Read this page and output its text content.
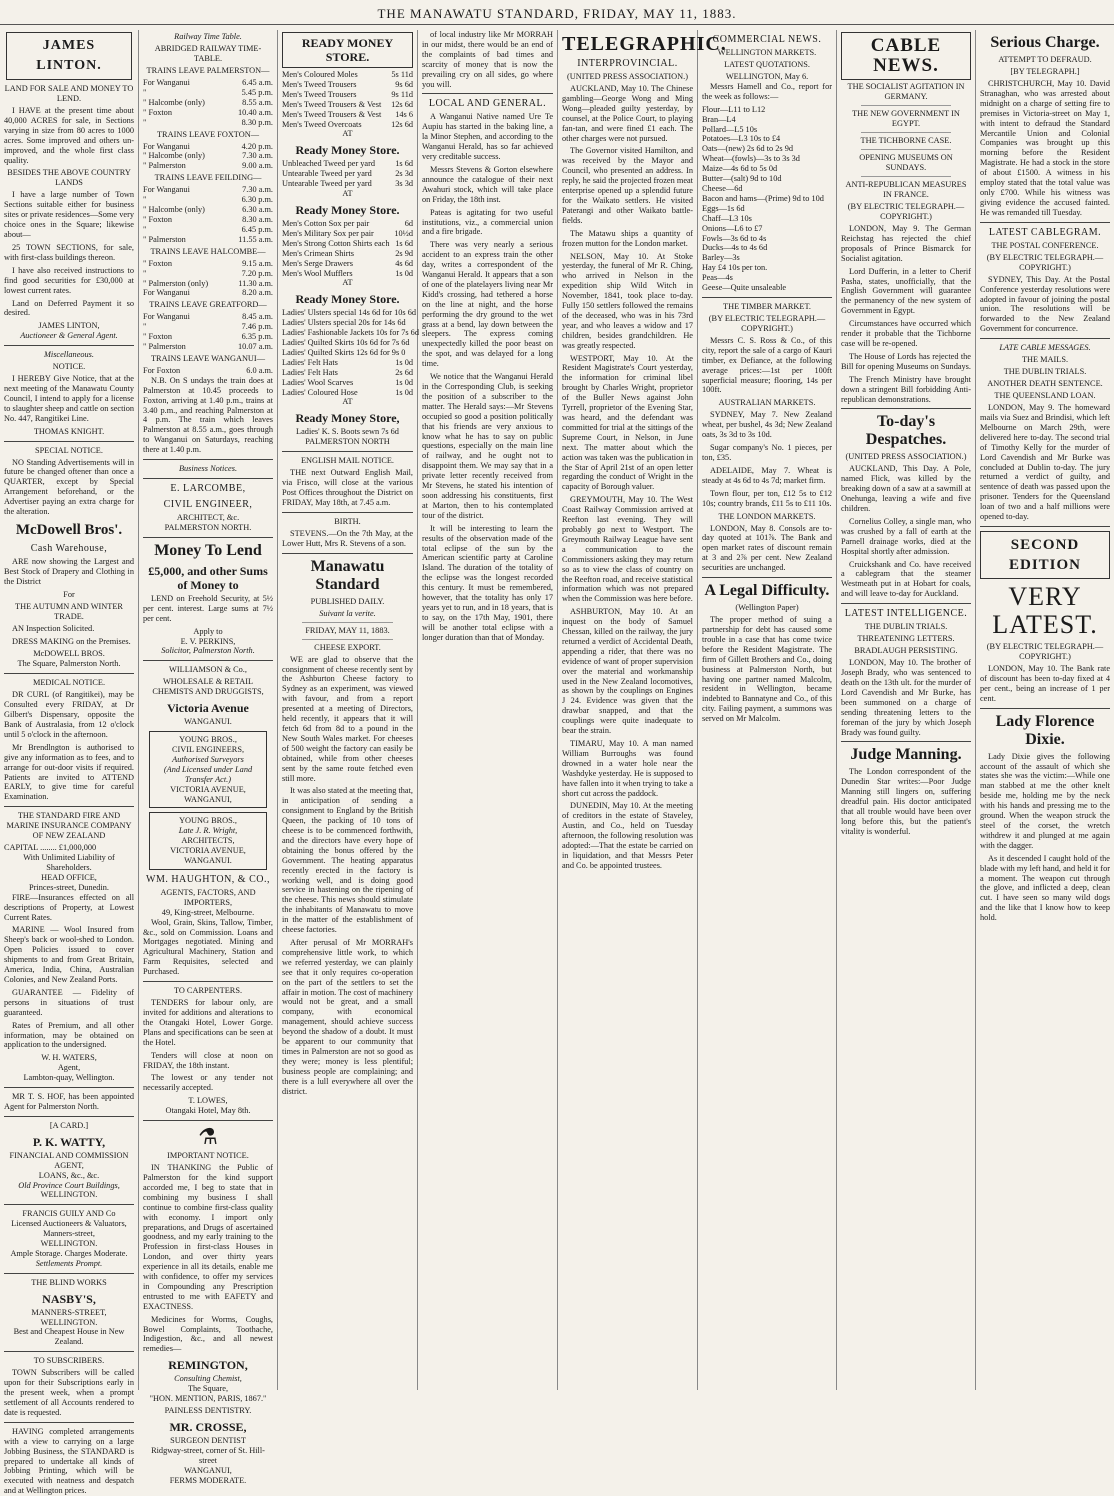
THE MANAWATU STANDARD, FRIDAY, MAY 11, 1883.
JAMES LINTON.
LAND FOR SALE AND MONEY TO LEND.

I HAVE at the present time about 40,000 ACRES for sale, in Sections varying in size from 80 acres to 1000 acres. Some improved and others un-improved, and the whole first class quality.

BESIDES THE ABOVE COUNTRY LANDS

I have a large number of Town Sections suitable either for business sites or private residences—Some very choice ones in the Square; likewise about—

25 TOWN SECTIONS, for sale, with first-class buildings thereon.

I have also received instructions to find good securities for £30,000 at lowest current rates.

Land on Deferred Payment it so desired.

JAMES LINTON,
Auctioneer & General Agent.
Miscellaneous.
NOTICE.

I HEREBY Give Notice, that at the next meeting of the Manawatu County Council, I intend to apply for a license to slaughter sheep and cattle on section No. 447, Rangitikei Line.

THOMAS KNIGHT.
SPECIAL NOTICE.

NO Standing Advertisements will in future be changed oftener than once a QUARTER, except by Special Arrangement beforehand, or the Advertiser paying an extra charge for the alteration.

McDowell Bros'.
Cash Warehouse,

ARE now showing the Largest and Best Stock of Drapery and Clothing in the District

For
THE AUTUMN AND WINTER TRADE.

AN Inspection Solicited.

DRESS MAKING on the Premises.

McDOWELL BROS.
The Square, Palmerston North.
MEDICAL NOTICE.

DR CURL (of Rangitikei), may be Consulted every FRIDAY, at Dr Gilbert's Dispensary, opposite the Bank of Australasia, from 12 o'clock until 5 o'clock in the afternoon.

Mr Brendlngton is authorised to give any information as to fees, and to arrange for out-door visits if required. Patients are invited to ATTEND EARLY, to give time for careful Examination.

THE STANDARD FIRE AND MARINE INSURANCE COMPANY OF NEW ZEALAND
CAPITAL ........ £1,000,000
With Unlimited Liability of Shareholders.
HEAD OFFICE,
Princes-street, Dunedin.

FIRE—Insurances effected on all descriptions of Property, at Lowest Current Rates.

MARINE — Wool Insured from Sheep's back or wool-shed to London. Open Policies issued to cover shipments to and from Great Britain, America, India, China, Australian Colonies, and New Zealand Ports.

GUARANTEE — Fidelity of persons in situations of trust guaranteed.

Rates of Premium, and all other information, may be obtained on application to the undersigned.

W. H. WATERS,
Agent,
Lambton-quay, Wellington.

MR T. S. HOF, has been appointed Agent for Palmerston North.

[A CARD.]
P. K. WATTY,
FINANCIAL AND COMMISSION AGENT,
LOANS, &c., &c.
Old Province Court Buildings,
WELLINGTON.
FRANCIS GUILY AND Co
Licensed Auctioneers & Valuators, Manners-street,
WELLINGTON.
Ample Storage. Charges Moderate.
Settlements Prompt.
THE BLIND WORKS
NASBY'S,
MANNERS-STREET, WELLINGTON.
Best and Cheapest House in New Zealand.
TO SUBSCRIBERS.

TOWN Subscribers will be called upon for their Subscriptions early in the present week, when a prompt settlement of all Accounts rendered to date is requested.

HAVING completed arrangements with a view to carrying on a large Jobbing Business, the STANDARD is prepared to undertake all kinds of Jobbing Printing, which will be executed with neatness and despatch and at Wellington prices.

Railway Time Table.
ABRIDGED RAILWAY TIME-TABLE.
TRAINS LEAVE PALMERSTON—
For Wanganui	6.45 a.m.
"	5.45 p.m.
" Halcombe (only)	8.55 a.m.
" Foxton	10.40 a.m.
"	8.30 p.m.
TRAINS LEAVE FOXTON—
For Wanganui	4.20 p.m.
" Halcombe (only)	7.30 a.m.
" Palmerston	9.00 a.m.
TRAINS LEAVE FEILDING—
For Wanganui	7.30 a.m.
"	6.30 p.m.
" Halcombe (only)	6.30 a.m.
" Foxton	8.30 a.m.
"	6.45 p.m.
" Palmerston	11.55 a.m.
TRAINS LEAVE HALCOMBE—
" Foxton	9.15 a.m.
"	7.20 p.m.
" Palmerston (only)	11.30 a.m.
For Wanganui	8.20 a.m.
TRAINS LEAVE GREATFORD—
For Wanganui	8.45 a.m.
"	7.46 p.m.
" Foxton	6.35 p.m.
" Palmerston	10.07 a.m.
TRAINS LEAVE WANGANUI—
For Foxton	6.0 a.m.

N.B. On S undays the train does at Palmerston at 10.45 proceeds to Foxton, arriving at 1.40 p.m., trains at 3.40 p.m., and reaching Palmerston at 4 p.m. The train which leaves Palmerston at 8.55 a.m., goes through to Wanganui on Saturdays, reaching there at 1.40 p.m.

Business Notices.
E. LARCOMBE,
CIVIL ENGINEER,
ARCHITECT, &c.
PALMERSTON NORTH.
Money To Lend
£5,000, and other Sums of Money to

LEND on Freehold Security, at 5½ per cent. interest. Large sums at 7½ per cent.

Apply to
E. V. PERKINS,
Solicitor, Palmerston North.
WILLIAMSON & Co.,
WHOLESALE & RETAIL
CHEMISTS AND DRUGGISTS,
Victoria Avenue
WANGANUI.
YOUNG BROS.,
CIVIL ENGINEERS,
Authorised Surveyors
(And Licensed under Land Transfer Act.)
VICTORIA AVENUE,
WANGANUI,
YOUNG BROS.,
Late J. R. Wright,
ARCHITECTS,
VICTORIA AVENUE, WANGANUI.
WM. HAUGHTON, & CO.,
AGENTS, FACTORS, AND IMPORTERS,
49, King-street, Melbourne.

Wool, Grain, Skins, Tallow, Timber, &c., sold on Commission. Loans and Mortgages negotiated. Mining and Agricultural Machinery, Station and Farm Requisites, selected and Purchased.

TO CARPENTERS.

TENDERS for labour only, are invited for additions and alterations to the Otangaki Hotel, Lower Gorge. Plans and specifications can be seen at the Hotel.

Tenders will close at noon on FRIDAY, the 18th instant.

The lowest or any tender not necessarily accepted.

T. LOWES,
Otangaki Hotel, May 8th.
⚗
IMPORTANT NOTICE.

IN THANKING the Public of Palmerston for the kind support accorded me, I beg to state that in combining my business I shall continue to combine first-class quality with economy. I import only preparations, and Drugs of ascertained goodness, and my early training to the Profession in first-class Houses in London, and over thirty years experience in all its details, enable me with confidence, to offer my services in Compounding any Prescription entrusted to me with EAFETY and EXACTNESS.

Medicines for Worms, Coughs, Bowel Complaints, Toothache, Indigestion, &c., and all newest remedies—

REMINGTON,
Consulting Chemist,
The Square,
"HON. MENTION, PARIS, 1867."
PAINLESS DENTISTRY.
MR. CROSSE,
SURGEON DENTIST
Ridgway-street, corner of St. Hill-street
WANGANUI,
FERMS MODERATE.
READY MONEY STORE.
Men's Coloured Moles	5s 11d
Men's Tweed Trousers	9s 6d
Men's Tweed Trousers	9s 11d
Men's Tweed Trousers & Vest 12s 6d
Men's Tweed Trousers & Vest 14s 6
Men's Tweed Overcoats	12s 6d
AT
Ready Money Store.
Unbleached Tweed per yard 1s 6d
Untearable Tweed per yard	2s 3d
Untearable Tweed per yard	3s 3d
AT
Ready Money Store.
Men's Cotton Sox per pair	6d
Men's Military Sox per pair 10½d
Men's Strong Cotton Shirts each 1s 6d
Men's Crimean Shirts	2s 9d
Men's Serge Drawers	4s 6d
Men's Wool Mufflers	1s 0d
AT
Ready Money Store.
Ladies' Ulsters special 14s 6d for 10s 6d
Ladies' Ulsters special 20s for 14s 6d
Ladies' Fashionable Jackets 10s for 7s 6d
Ladies' Quilted Skirts 10s 6d for 7s 6d
Ladies' Quilted Skirts 12s 6d for 9s 0
Ladies' Felt Hats	1s 0d
Ladies' Felt Hats	2s 6d
Ladies' Wool Scarves	1s 0d
Ladies' Coloured Hose	1s 0d
AT
Ready Money Store,
Ladies' K. S. Boots sewn 7s 6d
PALMERSTON NORTH
ENGLISH MAIL NOTICE.

THE next Outward English Mail, via Frisco, will close at the various Post Offices throughout the District on FRIDAY, May 18th, at 7.45 a.m.

BIRTH.

STEVENS.—On the 7th May, at the Lower Hutt, Mrs R. Stevens of a son.

Manawatu Standard
PUBLISHED DAILY.
Suivant la verite.
FRIDAY, MAY 11, 1883.
CHEESE EXPORT.

WE are glad to observe that the consignment of cheese recently sent by the Ashburton Cheese factory to Sydney as an experiment, was viewed with favour, and from a report presented at a meeting of Directors, held recently, it appears that it will fetch 6d from 8d to a pound in the New South Wales market. For cheeses of 500 weight the factory can easily be obtained, while from other cheeses sent by the same route fetched even still more.

It was also stated at the meeting that, in anticipation of sending a consignment to England by the British Queen, the packing of 10 tons of cheese is to be commenced forthwith, and the directors have every hope of obtaining the bonus offered by the Government. The heating apparatus recently erected in the factory is working well, and is doing good service in hastening on the ripening of the cheese. This news should stimulate the inhabitants of Manawatu to move in the matter of the establishment of cheese factories.

After perusal of Mr MORRAH's comprehensive little work, to which we referred yesterday, we can plainly see that it only requires co-operation on the part of the settlers to set the affair in motion. The cost of machinery would not be great, and a small company, with economical management, should achieve success beyond the shadow of a doubt. It must be apparent to our community that times in Palmerston are not so good as they were; money is less plentiful; business people are complaining; and there is a lull everywhere all over the district.

of local industry like Mr MORRAH in our midst, there would be an end of the complaints of bad times and scarcity of money that is now the prevailing cry on all sides, go where you will.

LOCAL AND GENERAL.

A Wanganui Native named Ure Te Aupiu has started in the baking line, a la Minor Stephen, and according to the Wanganui Herald, has so far achieved very creditable success.

Messrs Stevens & Gorton elsewhere announce the catalogue of their next Awahuri stock, which will take place on Friday, the 18th inst.

Pateas is agitating for two useful institutions, viz., a commercial union and a fire brigade.

There was very nearly a serious accident to an express train the other day, writes a correspondent of the Wanganui Herald. It appears that a son of one of the platelayers living near Mr Kidd's crossing, had tethered a horse on the line at night, and the horse performing the dry ground to the wet grass at a bend, lay down between the sleepers. The express coming unexpectedly killed the poor beast on the spot, and was delayed for a long time.

We notice that the Wanganui Herald in the Corresponding Club, is seeking the position of a subscriber to the matter. The Herald says:—Mr Stevens occupied so good a position politically that his friends are very anxious to know what he has to say on public questions, especially on the main line of railway, and he ought not to disappoint them. We may say that in a private letter recently received from Mr Stevens, he stated his intention of soon addressing his constituents, first at Marton, then to his contemplated tour of the district.

It will be interesting to learn the results of the observation made of the total eclipse of the sun by the American scientific party at Caroline Island. The duration of the totality of the eclipse was the longest recorded this century. It must be remembered, however, that the totality has only 17 years yet to run, and in 18 years, that is to say, on the 17th May, 1901, there will be another total eclipse with a longer duration than that of Monday.

TELEGRAPHIC.
INTERPROVINCIAL.
(UNITED PRESS ASSOCIATION.)

AUCKLAND, May 10. The Chinese gambling—George Wong and Ming Wong—pleaded guilty yesterday, by counsel, at the Police Court, to playing fan-tan, and were fined £1 each. The other charges were not pursued.

The Governor visited Hamilton, and was received by the Mayor and Council, who presented an address. In reply, he said the projected frozen meat enterprise opened up a splendid future for the Waikato settlers. He visited Paterangi and other Waikato battle-fields.

The Matawu ships a quantity of frozen mutton for the London market.

NELSON, May 10. At Stoke yesterday, the funeral of Mr R. Ching, who arrived in Nelson in the expedition ship Wild Witch in November, 1841, took place to-day. Fully 150 settlers followed the remains of the deceased, who was in his 73rd year, and who leaves a widow and 17 children, besides grandchildren. He was greatly respected.

WESTPORT, May 10. At the Resident Magistrate's Court yesterday, the information for criminal libel brought by Charles Wright, proprietor of the Buller News against John Tyrrell, proprietor of the Evening Star, was heard, and the defendant was committed for trial at the sittings of the Supreme Court, in Nelson, in June next. The matter about which the action was taken was the publication in the Star of April 21st of an open letter regarding the conduct of Wright in the capacity of Borough valuer.

GREYMOUTH, May 10. The West Coast Railway Commission arrived at Reefton last evening. They will probably go next to Westport. The Greymouth Railway League have sent a communication to the Commissioners asking they may return so as to view the class of country on the Reefton road, and receive statistical information which was not prepared when the Commission was here before.

ASHBURTON, May 10. At an inquest on the body of Samuel Chessan, killed on the railway, the jury returned a verdict of Accidental Death, appending a rider, that there was no evidence of want of proper supervision over the material and workmanship used in the New Zealand locomotives, as shown by the couplings on Engines J 24. Evidence was given that the drawbar snapped, and that the couplings were quite inadequate to bear the strain.

TIMARU, May 10. A man named William Burroughs was found drowned in a water hole near the Washdyke yesterday. He is supposed to have fallen into it when trying to take a short cut across the paddock.

DUNEDIN, May 10. At the meeting of creditors in the estate of Staveley, Austin, and Co., held on Tuesday afternoon, the following resolution was adopted:—That the estate be carried on in liquidation, and that Messrs Peter and Co. be appointed trustees.

COMMERCIAL NEWS.
WELLINGTON MARKETS.
LATEST QUOTATIONS.
WELLINGTON, May 6.

Messrs Hamell and Co., report for the week as follows:—

Flour—L11 to L12
Bran—L4
Pollard—L5 10s
Potatoes—L3 10s to £4
Oats—(new) 2s 6d to 2s 9d
Wheat—(fowls)—3s to 3s 3d
Maize—4s 6d to 5s 0d
Butter—(salt) 9d to 10d
Cheese—6d
Bacon and hams—(Prime) 9d to 10d
Eggs—1s 6d
Chaff—L3 10s
Onions—L6 to £7
Fowls—3s 6d to 4s
Ducks—4s to 4s 6d
Barley—3s
Hay £4 10s per ton.
Peas—4s
Geese—Quite unsaleable
THE TIMBER MARKET.
(BY ELECTRIC TELEGRAPH.—COPYRIGHT.)

Messrs C. S. Ross & Co., of this city, report the sale of a cargo of Kauri timber, ex Defiance, at the following average prices:—1st per 100ft superficial measure; flooring, 14s per 100ft.

AUSTRALIAN MARKETS.

SYDNEY, May 7. New Zealand wheat, per bushel, 4s 3d; New Zealand oats, 3s 3d to 3s 10d.

Sugar company's No. 1 pieces, per ton, £35.

ADELAIDE, May 7. Wheat is steady at 4s 6d to 4s 7d; market firm.

Town flour, per ton, £12 5s to £12 10s; country brands, £11 5s to £11 10s.

THE LONDON MARKETS.

LONDON, May 8. Consols are to-day quoted at 101⅞. The Bank and open market rates of discount remain at 3 and 2⅞ per cent. New Zealand securities are unchanged.

A Legal Difficulty.
(Wellington Paper)

The proper method of suing a partnership for debt has caused some trouble in a case that has come twice before the Resident Magistrate. The firm of Gillett Brothers and Co., doing business at Palmerston North, but having one partner named Malcolm, resident in Wellington, became indebted to Bannatyne and Co., of this city. Failing payment, a summons was served on Mr Malcolm.

CABLE NEWS.
THE SOCIALIST AGITATION IN GERMANY.
THE NEW GOVERNMENT IN EGYPT.
THE TICHBORNE CASE.
OPENING MUSEUMS ON SUNDAYS.
ANTI-REPUBLICAN MEASURES IN FRANCE.
(BY ELECTRIC TELEGRAPH.—COPYRIGHT.)

LONDON, May 9. The German Reichstag has rejected the chief proposals of Prince Bismarck for Socialist agitation.

Lord Dufferin, in a letter to Cherif Pasha, states, unofficially, that the English Government will guarantee the permanency of the new system of Government in Egypt.

Circumstances have occurred which render it probable that the Tichborne case will be re-opened.

The House of Lords has rejected the Bill for opening Museums on Sundays.

The French Ministry have brought down a stringent Bill forbidding Anti-republican demonstrations.

To-day's Despatches.
(UNITED PRESS ASSOCIATION.)

AUCKLAND, This Day. A Pole, named Flick, was killed by the breaking down of a saw at a sawmill at Onehunga, leaving a wife and five children.

Cornelius Colley, a single man, who was crushed by a fall of earth at the Parnell drainage works, died at the Hospital shortly after admission.

Cruickshank and Co. have received a cablegram that the steamer Westmeath put in at Hobart for coals, and will leave to-day for Auckland.

LATEST INTELLIGENCE.
THE DUBLIN TRIALS.
THREATENING LETTERS.
BRADLAUGH PERSISTING.

LONDON, May 10. The brother of Joseph Brady, who was sentenced to death on the 13th ult. for the murder of Lord Cavendish and Mr Burke, has been summoned on a charge of sending threatening letters to the foreman of the jury by which Joseph Brady was found guilty.

Judge Manning.

The London correspondent of the Dunedin Star writes:—Poor Judge Manning still lingers on, suffering dreadful pain. His doctor anticipated that all trouble would have been over long before this, but the patient's vitality is wonderful.

Serious Charge.
ATTEMPT TO DEFRAUD.
[BY TELEGRAPH.]

CHRISTCHURCH, May 10. David Stranaghan, who was arrested about midnight on a charge of setting fire to premises in Victoria-street on May 1, with intent to defraud the Standard Mercantile Union and Colonial Companies was brought up this morning before the Resident Magistrate. He had a stock in the store of about £1500. A witness in his employ stated that the total value was only £700. While his witness was giving evidence the accused fainted. He was remanded till Tuesday.

LATEST CABLEGRAM.
THE POSTAL CONFERENCE.
(BY ELECTRIC TELEGRAPH.—COPYRIGHT.)

SYDNEY, This Day. At the Postal Conference yesterday resolutions were adopted in favour of joining the postal union. The resolutions will be forwarded to the New Zealand Government for concurrence.

LATE CABLE MESSAGES.
THE MAILS.
THE DUBLIN TRIALS.
ANOTHER DEATH SENTENCE.
THE QUEENSLAND LOAN.

LONDON, May 9. The homeward mails via Suez and Brindisi, which left Melbourne on March 29th, were delivered here to-day. The second trial of Timothy Kelly for the murder of Lord Cavendish and Mr Burke was concluded at Dublin to-day. The jury returned a verdict of guilty, and sentence of death was passed upon the prisoner. Tenders for the Queensland loan of two and a half millions were opened to-day.

SECOND EDITION
VERY LATEST.
(BY ELECTRIC TELEGRAPH.—COPYRIGHT.)

LONDON, May 10. The Bank rate of discount has been to-day fixed at 4 per cent., being an increase of 1 per cent.

Lady Florence Dixie.

Lady Dixie gives the following account of the assault of which she states she was the victim:—While one man stabbed at me the other knelt beside me, holding me by the neck with his hands and pressing me to the ground. When the weapon struck the steel of the corset, the wretch withdrew it and plunged at me again with the dagger.

As it descended I caught hold of the blade with my left hand, and held it for a moment. The weapon cut through the glove, and inflicted a deep, clean cut. I have seen so many wild dogs and the like that I know how to keep hold.
